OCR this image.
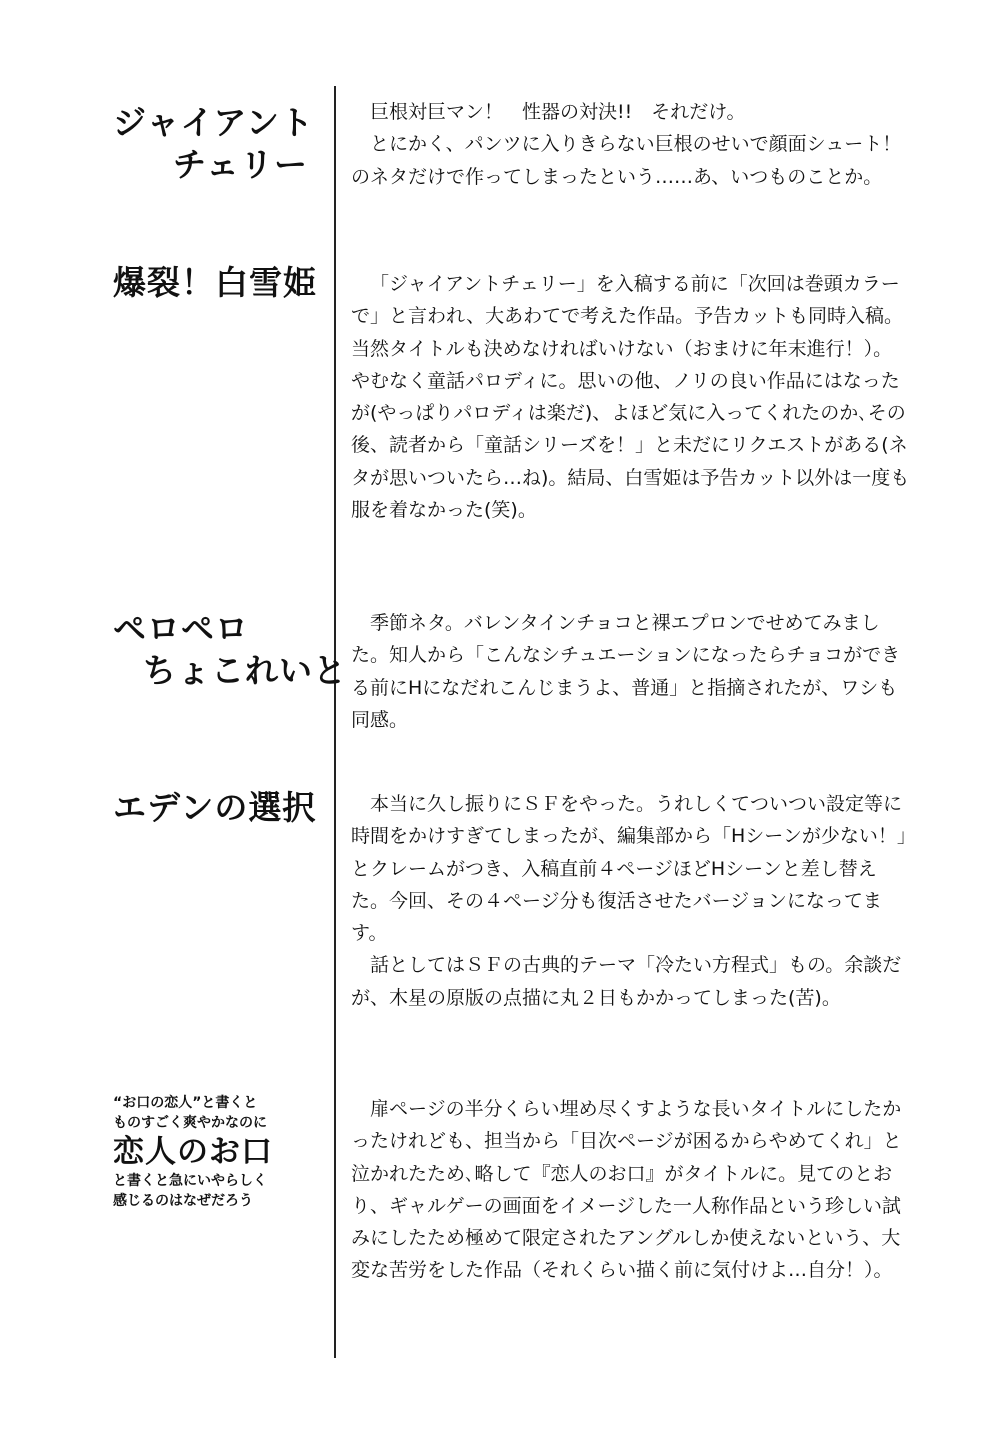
ジャイアント
チェリー

巨根対巨マン！　性器の対決!!　それだけ。

とにかく、パンツに入りきらない巨根のせいで顔面シュート！　のネタだけで作ってしまったという……あ、いつものことか。

爆裂！白雪姫	「ジャイアントチェリー」を入稿する前に「次回は巻頭カラーで」と言われ、大あわてで考えた作品。予告カットも同時入稿。当然タイトルも決めなければいけない（おまけに年末進行！）。やむなく童話パロディに。思いの他、ノリの良い作品にはなったが(やっぱりパロディは楽だ)、よほど気に入ってくれたのか､その後、読者から「童話シリーズを！」と未だにリクエストがある(ネタが思いついたら…ね)。結局、白雪姫は予告カット以外は一度も服を着なかった(笑)。

ペロペロ
ちょこれいと

季節ネタ。バレンタインチョコと裸エプロンでせめてみました。知人から「こんなシチュエーションになったらチョコができる前にHになだれこんじまうよ、普通」と指摘されたが、ワシも同感。

エデンの選択	本当に久し振りにＳＦをやった。うれしくてついつい設定等に時間をかけすぎてしまったが、編集部から「Hシーンが少ない！」とクレームがつき、入稿直前４ページほどHシーンと差し替えた。今回、その４ページ分も復活させたバージョンになってます。

話としてはＳＦの古典的テーマ「冷たい方程式」もの。余談だが、木星の原版の点描に丸２日もかかってしまった(苦)。

“お口の恋人”と書くと
ものすごく爽やかなのに
恋人のお口
と書くと急にいやらしく
感じるのはなぜだろう

扉ページの半分くらい埋め尽くすような長いタイトルにしたかったけれども、担当から「目次ページが困るからやめてくれ」と泣かれたため､略して『恋人のお口』がタイトルに。見てのとおり、ギャルゲーの画面をイメージした一人称作品という珍しい試みにしたため極めて限定されたアングルしか使えないという、大変な苦労をした作品（それくらい描く前に気付けよ…自分！）。
